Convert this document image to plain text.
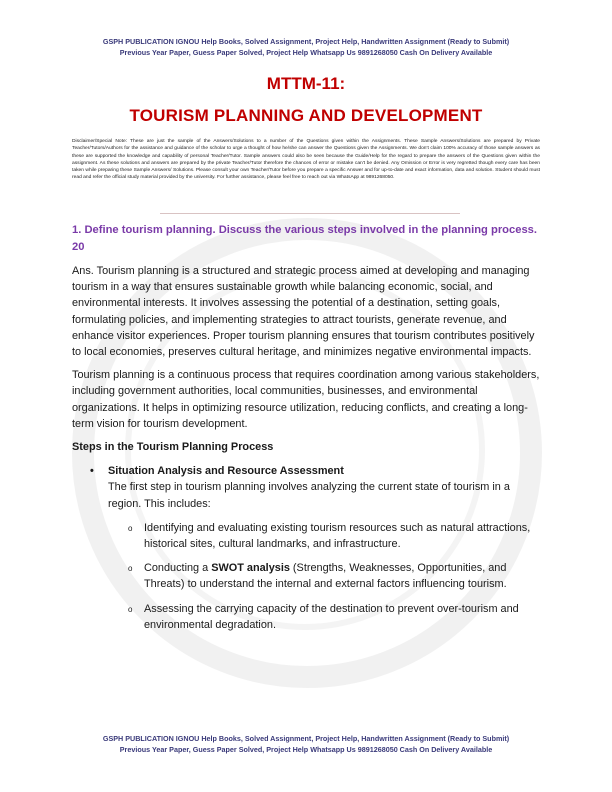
GSPH PUBLICATION IGNOU Help Books, Solved Assignment, Project Help, Handwritten Assignment (Ready to Submit)
Previous Year Paper, Guess Paper Solved, Project Help Whatsapp Us 9891268050 Cash On Delivery Available
MTTM-11:
TOURISM PLANNING AND DEVELOPMENT
Disclaimer/Special Note: These are just the sample of the Answers/Solutions to a number of the Questions given within the Assignments. These Sample Answers/Solutions are prepared by Private Teacher/Tutors/Authors for the assistance and guidance of the scholar to urge a thought of how he/she can answer the Questions given the Assignments. We don't claim 100% accuracy of those sample answers as these are supported the knowledge and capability of personal Teacher/Tutor. Sample answers could also be seen because the Guide/Help for the regard to prepare the answers of the Questions given within the assignment. As these solutions and answers are prepared by the private Teacher/Tutor therefore the chances of error or mistake can't be denied. Any Omission or Error is very regretted though every care has been taken while preparing these Sample Answers/ Solutions. Please consult your own Teacher/Tutor before you prepare a specific Answer and for up-to-date and exact information, data and solution. Student should must read and refer the official study material provided by the university. For further assistance, please feel free to reach out via WhatsApp at 9891268050.
1. Define tourism planning. Discuss the various steps involved in the planning process. 20

Ans. Tourism planning is a structured and strategic process aimed at developing and managing tourism in a way that ensures sustainable growth while balancing economic, social, and environmental interests. It involves assessing the potential of a destination, setting goals, formulating policies, and implementing strategies to attract tourists, generate revenue, and enhance visitor experiences. Proper tourism planning ensures that tourism contributes positively to local economies, preserves cultural heritage, and minimizes negative environmental impacts.

Tourism planning is a continuous process that requires coordination among various stakeholders, including government authorities, local communities, businesses, and environmental organizations. It helps in optimizing resource utilization, reducing conflicts, and creating a long-term vision for tourism development.

Steps in the Tourism Planning Process
• Situation Analysis and Resource Assessment
The first step in tourism planning involves analyzing the current state of tourism in a region. This includes:
o Identifying and evaluating existing tourism resources such as natural attractions, historical sites, cultural landmarks, and infrastructure.
o Conducting a SWOT analysis (Strengths, Weaknesses, Opportunities, and Threats) to understand the internal and external factors influencing tourism.
o Assessing the carrying capacity of the destination to prevent over-tourism and environmental degradation.
GSPH PUBLICATION IGNOU Help Books, Solved Assignment, Project Help, Handwritten Assignment (Ready to Submit)
Previous Year Paper, Guess Paper Solved, Project Help Whatsapp Us 9891268050 Cash On Delivery Available
